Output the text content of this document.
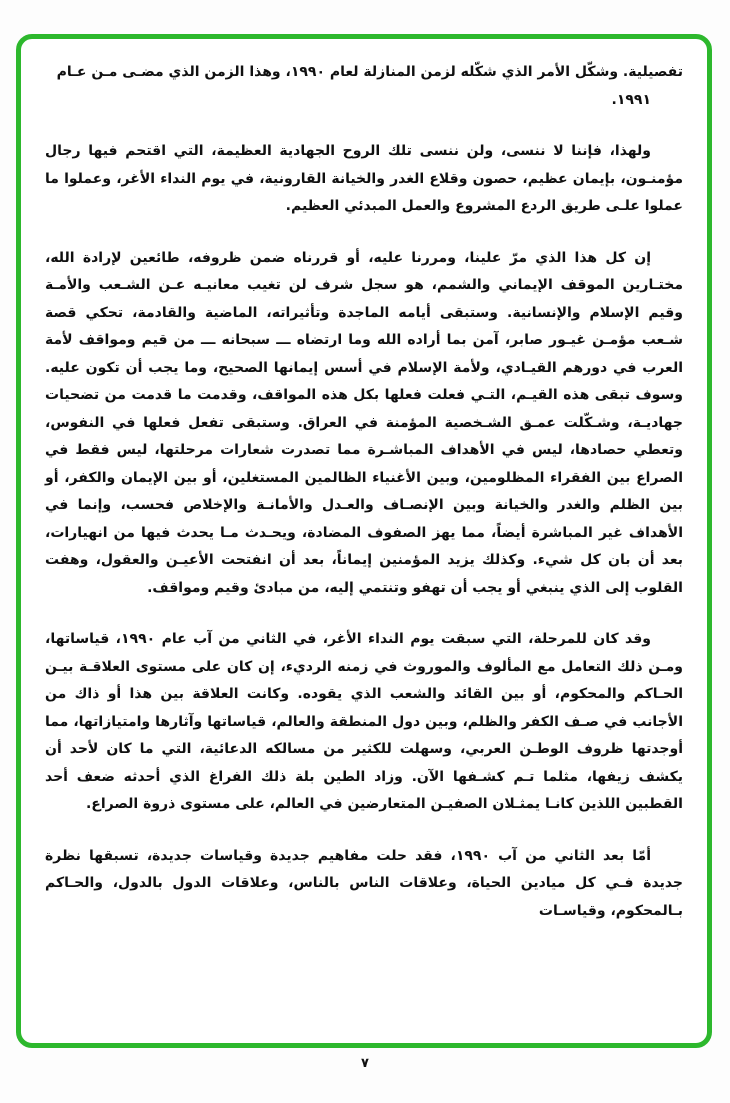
تفصيلية. وشكّل الأمر الذي شكّله لزمن المنازلة لعام ١٩٩٠، وهذا الزمن الذي مضـى مـن عـام

١٩٩١.

ولهذا، فإننا لا ننسى، ولن ننسى تلك الروح الجهادية العظيمة، التي اقتحم فيها رجال مؤمنـون، بإيمان عظيم، حصون وقلاع الغدر والخيانة القارونية، في يوم النداء الأغر، وعملوا ما عملوا علـى طريق الردع المشروع والعمل المبدئي العظيم.

إن كل هذا الذي مرّ علينا، ومررنا عليه، أو قررناه ضمن ظروفه، طائعين لإرادة الله، مختـارين الموقف الإيماني والشمم، هو سجل شرف لن تغيب معانيـه عـن الشـعب والأمـة وقيم الإسلام والإنسانية. وستبقى أيامه الماجدة وتأثيراته، الماضية والقادمة، تحكي قصة شـعب مؤمـن غيـور صابر، آمن بما أراده الله وما ارتضاه ـــ سبحانه ـــ من قيم ومواقف لأمة العرب في دورهم القيـادي، ولأمة الإسلام في أسس إيمانها الصحيح، وما يجب أن تكون عليه. وسوف تبقى هذه القيـم، التـي فعلت فعلها بكل هذه المواقف، وقدمت ما قدمت من تضحيات جهاديـة، وشـكّلت عمـق الشـخصية المؤمنة في العراق. وستبقى تفعل فعلها في النفوس، وتعطي حصادها، ليس في الأهداف المباشـرة مما تصدرت شعارات مرحلتها، ليس فقط في الصراع بين الفقراء المظلومين، وبين الأغنياء الظالمين المستغلين، أو بين الإيمان والكفر، أو بين الظلم والغدر والخيانة وبين الإنصـاف والعـدل والأمانـة والإخلاص فحسب، وإنما في الأهداف غير المباشرة أيضاً، مما يهز الصفوف المضادة، ويحـدث مـا يحدث فيها من انهيارات، بعد أن بان كل شيء. وكذلك يزيد المؤمنين إيماناً، بعد أن انفتحت الأعيـن والعقول، وهفت القلوب إلى الذي ينبغي أو يجب أن تهفو وتنتمي إليه، من مبادئ وقيم ومواقف.

وقد كان للمرحلة، التي سبقت يوم النداء الأغر، في الثاني من آب عام ١٩٩٠، قياساتها، ومـن ذلك التعامل مع المألوف والموروث في زمنه الرديء، إن كان على مستوى العلاقـة بيـن الحـاكم والمحكوم، أو بين القائد والشعب الذي يقوده. وكانت العلاقة بين هذا أو ذاك من الأجانب في صـف الكفر والظلم، وبين دول المنطقة والعالم، قياساتها وآثارها وامتيازاتها، مما أوجدتها ظروف الوطـن العربي، وسهلت للكثير من مسالكه الدعائية، التي ما كان لأحد أن يكشف زيفها، مثلما تـم كشـفها الآن. وزاد الطين بلة ذلك الفراغ الذي أحدثه ضعف أحد القطبين اللذين كانـا يمثـلان الصفيـن المتعارضين في العالم، على مستوى ذروة الصراع.

أمّا بعد الثاني من آب ١٩٩٠، فقد حلت مفاهيم جديدة وقياسات جديدة، تسبقها نظرة جديدة فـي كل ميادين الحياة، وعلاقات الناس بالناس، وعلاقات الدول بالدول، والحـاكم بـالمحكوم، وقياسـات

٧
